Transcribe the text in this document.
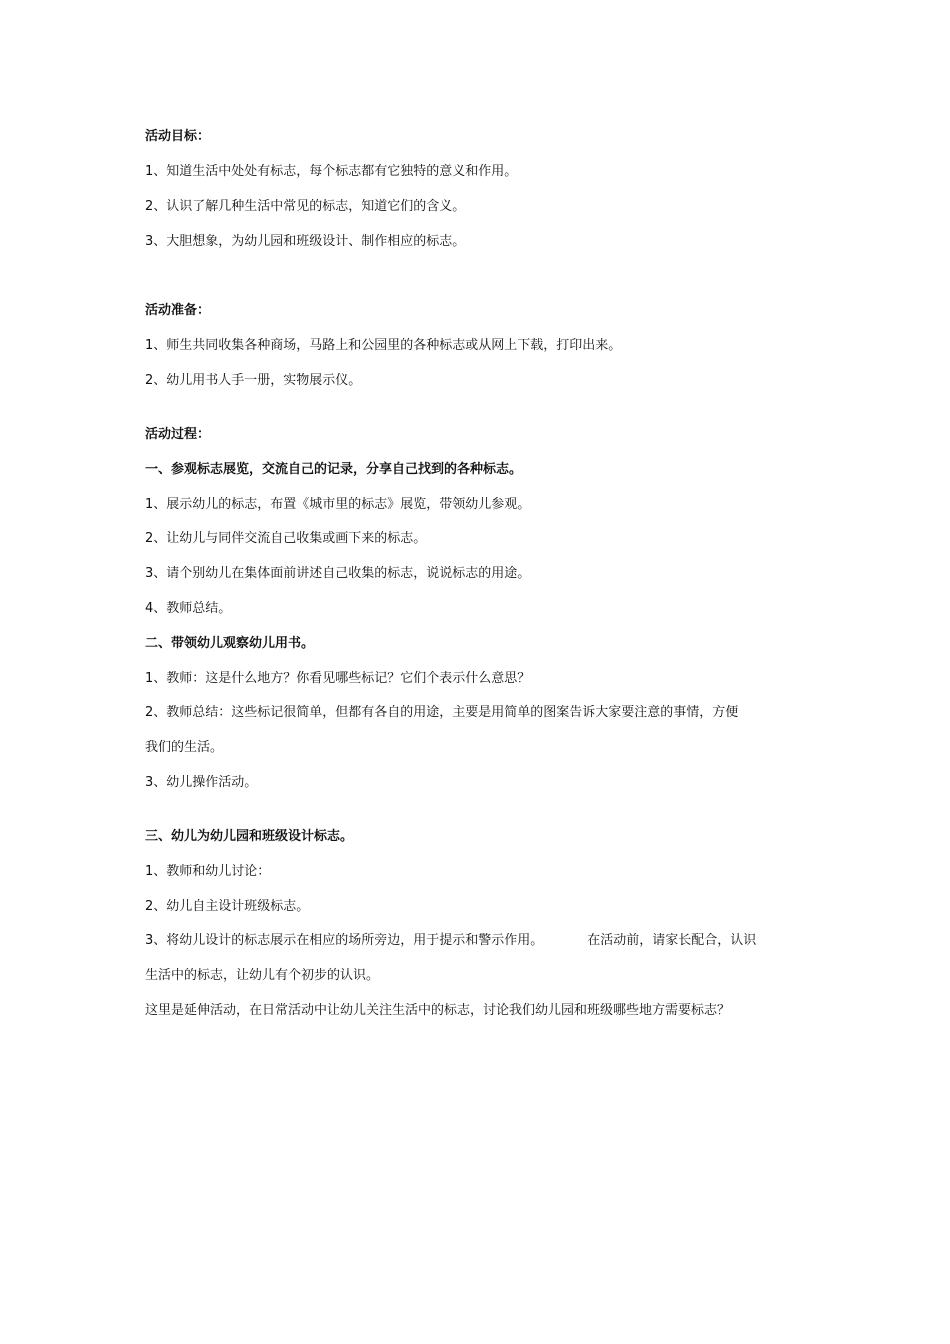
活动目标：
1、知道生活中处处有标志，每个标志都有它独特的意义和作用。
2、认识了解几种生活中常见的标志，知道它们的含义。
3、大胆想象，为幼儿园和班级设计、制作相应的标志。
活动准备：
1、师生共同收集各种商场，马路上和公园里的各种标志或从网上下载，打印出来。
2、幼儿用书人手一册，实物展示仪。
活动过程：
一、参观标志展览，交流自己的记录，分享自己找到的各种标志。
1、展示幼儿的标志，布置《城市里的标志》展览，带领幼儿参观。
2、让幼儿与同伴交流自己收集或画下来的标志。
3、请个别幼儿在集体面前讲述自己收集的标志，说说标志的用途。
4、教师总结。
二、带领幼儿观察幼儿用书。
1、教师：这是什么地方？你看见哪些标记？它们个表示什么意思？
2、教师总结：这些标记很简单，但都有各自的用途，主要是用简单的图案告诉大家要注意的事情，方便
我们的生活。
3、幼儿操作活动。
三、幼儿为幼儿园和班级设计标志。
1、教师和幼儿讨论：
2、幼儿自主设计班级标志。
3、将幼儿设计的标志展示在相应的场所旁边，用于提示和警示作用。	在活动前，请家长配合，认识
生活中的标志，让幼儿有个初步的认识。
这里是延伸活动，在日常活动中让幼儿关注生活中的标志，讨论我们幼儿园和班级哪些地方需要标志？
